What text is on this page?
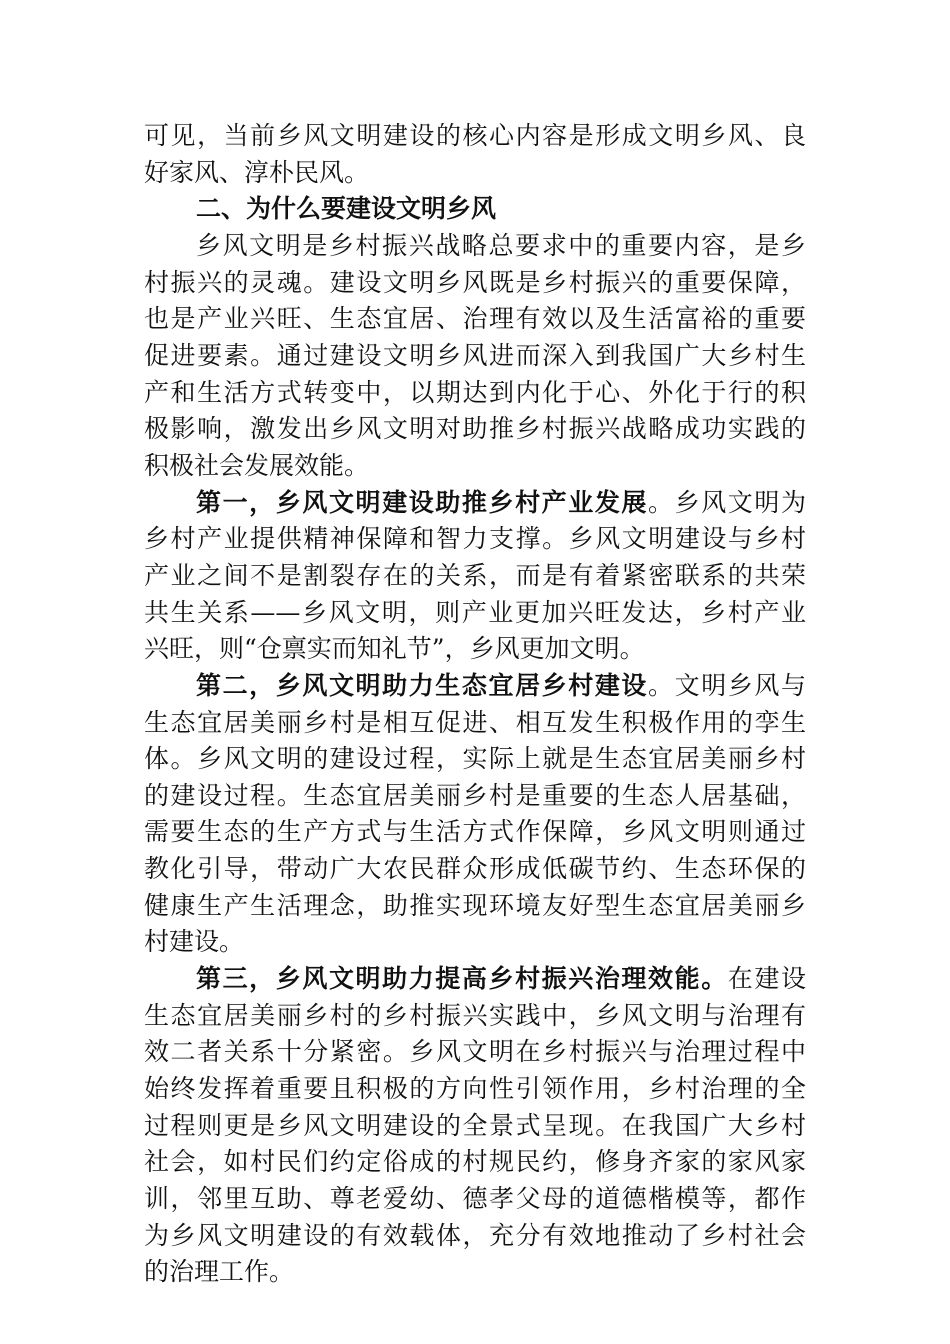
可见，当前乡风文明建设的核心内容是形成文明乡风、良
好家风、淳朴民风。
二、为什么要建设文明乡风
乡风文明是乡村振兴战略总要求中的重要内容，是乡
村振兴的灵魂。建设文明乡风既是乡村振兴的重要保障，
也是产业兴旺、生态宜居、治理有效以及生活富裕的重要
促进要素。通过建设文明乡风进而深入到我国广大乡村生
产和生活方式转变中，以期达到内化于心、外化于行的积
极影响，激发出乡风文明对助推乡村振兴战略成功实践的
积极社会发展效能。
第一，乡风文明建设助推乡村产业发展。乡风文明为
乡村产业提供精神保障和智力支撑。乡风文明建设与乡村
产业之间不是割裂存在的关系，而是有着紧密联系的共荣
共生关系——乡风文明，则产业更加兴旺发达，乡村产业
兴旺，则“仓禀实而知礼节”，乡风更加文明。
第二，乡风文明助力生态宜居乡村建设。文明乡风与
生态宜居美丽乡村是相互促进、相互发生积极作用的孪生
体。乡风文明的建设过程，实际上就是生态宜居美丽乡村
的建设过程。生态宜居美丽乡村是重要的生态人居基础，
需要生态的生产方式与生活方式作保障，乡风文明则通过
教化引导，带动广大农民群众形成低碳节约、生态环保的
健康生产生活理念，助推实现环境友好型生态宜居美丽乡
村建设。
第三，乡风文明助力提高乡村振兴治理效能。在建设
生态宜居美丽乡村的乡村振兴实践中，乡风文明与治理有
效二者关系十分紧密。乡风文明在乡村振兴与治理过程中
始终发挥着重要且积极的方向性引领作用，乡村治理的全
过程则更是乡风文明建设的全景式呈现。在我国广大乡村
社会，如村民们约定俗成的村规民约，修身齐家的家风家
训，邻里互助、尊老爱幼、德孝父母的道德楷模等，都作
为乡风文明建设的有效载体，充分有效地推动了乡村社会
的治理工作。
